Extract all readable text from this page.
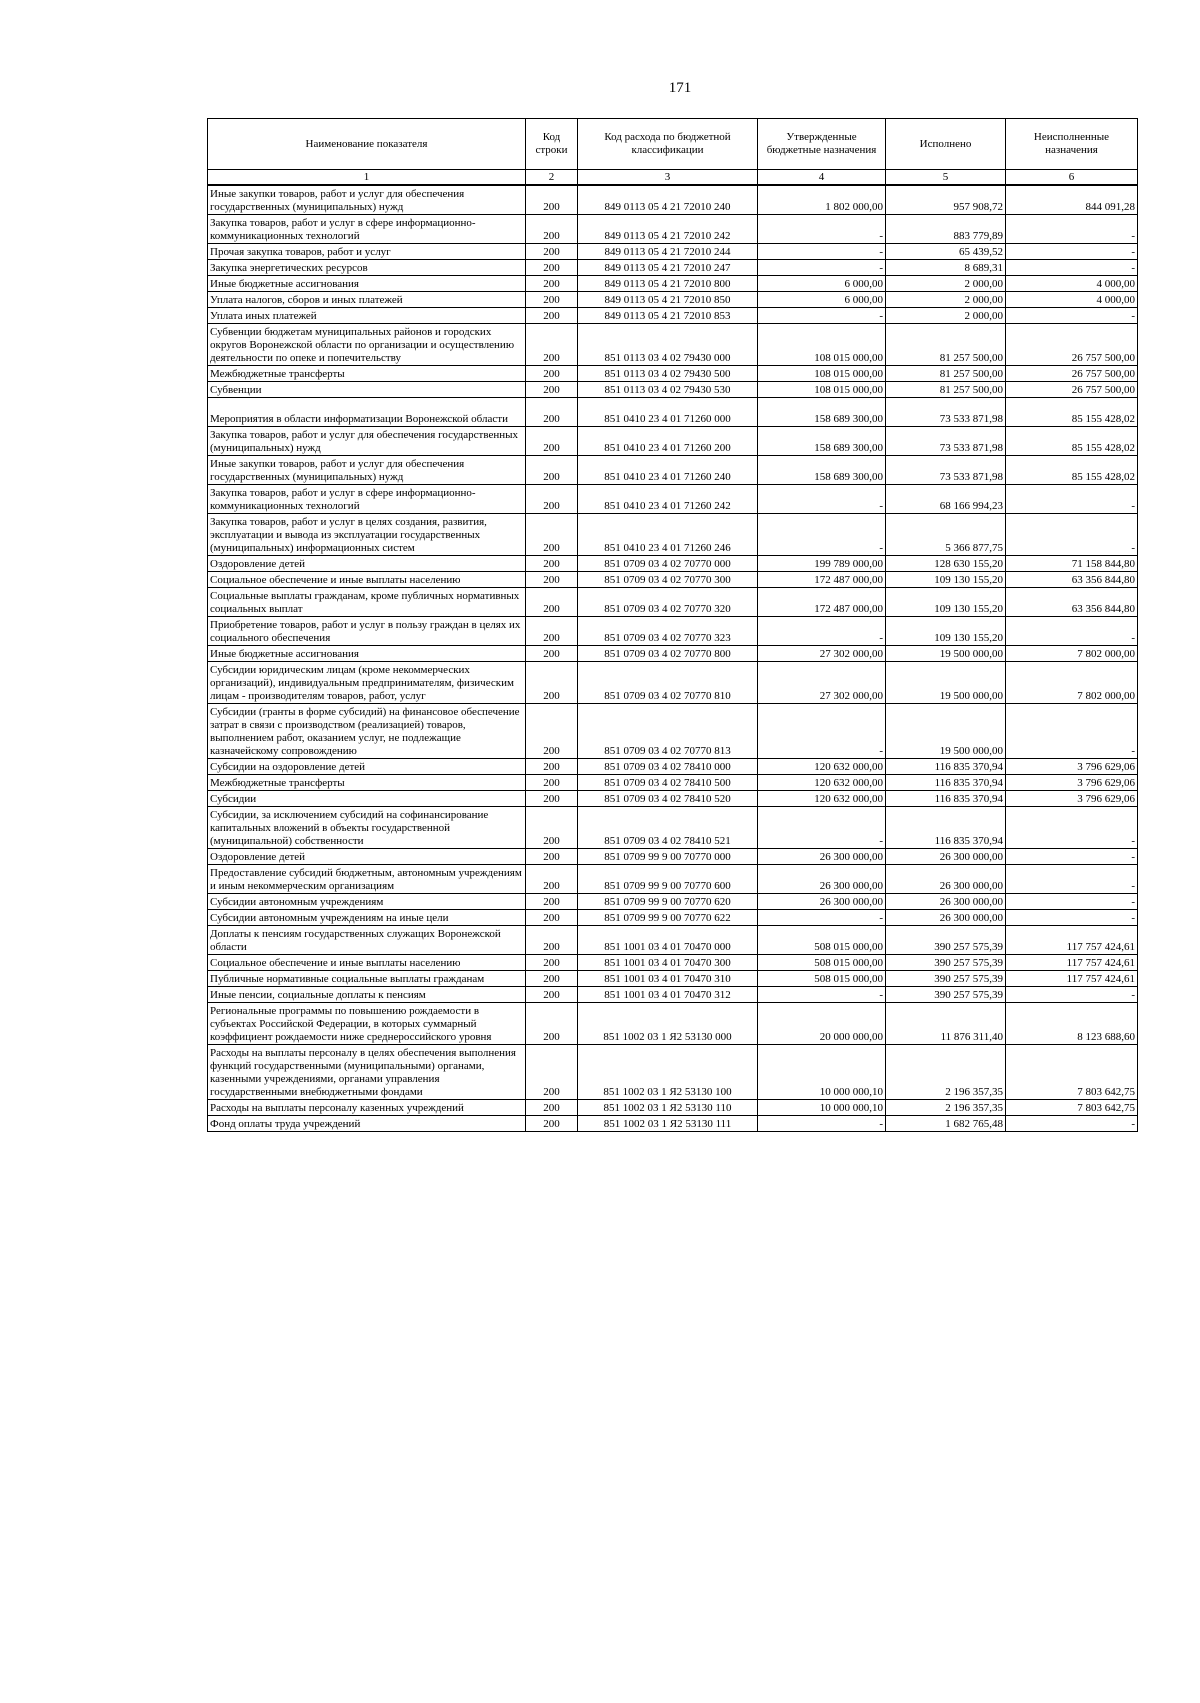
171
Наименование показателя	Код строки	Код расхода по бюджетной классификации	Утвержденные бюджетные назначения	Исполнено	Неисполненные назначения
1	2	3	4	5	6
Иные закупки товаров, работ и услуг для обеспечения государственных (муниципальных) нужд	200	849 0113 05 4 21 72010 240	1 802 000,00	957 908,72	844 091,28
Закупка товаров, работ и услуг в сфере информационно-коммуникационных технологий	200	849 0113 05 4 21 72010 242	-	883 779,89	-
Прочая закупка товаров, работ и услуг	200	849 0113 05 4 21 72010 244	-	65 439,52	-
Закупка энергетических ресурсов	200	849 0113 05 4 21 72010 247	-	8 689,31	-
Иные бюджетные ассигнования	200	849 0113 05 4 21 72010 800	6 000,00	2 000,00	4 000,00
Уплата налогов, сборов и иных платежей	200	849 0113 05 4 21 72010 850	6 000,00	2 000,00	4 000,00
Уплата иных платежей	200	849 0113 05 4 21 72010 853	-	2 000,00	-
Субвенции бюджетам муниципальных районов и городских округов Воронежской области по организации и осуществлению деятельности по опеке и попечительству	200	851 0113 03 4 02 79430 000	108 015 000,00	81 257 500,00	26 757 500,00
Межбюджетные трансферты	200	851 0113 03 4 02 79430 500	108 015 000,00	81 257 500,00	26 757 500,00
Субвенции	200	851 0113 03 4 02 79430 530	108 015 000,00	81 257 500,00	26 757 500,00
Мероприятия в области информатизации Воронежской области	200	851 0410 23 4 01 71260 000	158 689 300,00	73 533 871,98	85 155 428,02
Закупка товаров, работ и услуг для обеспечения государственных (муниципальных) нужд	200	851 0410 23 4 01 71260 200	158 689 300,00	73 533 871,98	85 155 428,02
Иные закупки товаров, работ и услуг для обеспечения государственных (муниципальных) нужд	200	851 0410 23 4 01 71260 240	158 689 300,00	73 533 871,98	85 155 428,02
Закупка товаров, работ и услуг в сфере информационно-коммуникационных технологий	200	851 0410 23 4 01 71260 242	-	68 166 994,23	-
Закупка товаров, работ и услуг в целях создания, развития, эксплуатации и вывода из эксплуатации государственных (муниципальных) информационных систем	200	851 0410 23 4 01 71260 246	-	5 366 877,75	-
Оздоровление детей	200	851 0709 03 4 02 70770 000	199 789 000,00	128 630 155,20	71 158 844,80
Социальное обеспечение и иные выплаты населению	200	851 0709 03 4 02 70770 300	172 487 000,00	109 130 155,20	63 356 844,80
Социальные выплаты гражданам, кроме публичных нормативных социальных выплат	200	851 0709 03 4 02 70770 320	172 487 000,00	109 130 155,20	63 356 844,80
Приобретение товаров, работ и услуг в пользу граждан в целях их социального обеспечения	200	851 0709 03 4 02 70770 323	-	109 130 155,20	-
Иные бюджетные ассигнования	200	851 0709 03 4 02 70770 800	27 302 000,00	19 500 000,00	7 802 000,00
Субсидии юридическим лицам (кроме некоммерческих организаций), индивидуальным предпринимателям, физическим лицам - производителям товаров, работ, услуг	200	851 0709 03 4 02 70770 810	27 302 000,00	19 500 000,00	7 802 000,00
Субсидии (гранты в форме субсидий) на финансовое обеспечение затрат в связи с производством (реализацией) товаров, выполнением работ, оказанием услуг, не подлежащие казначейскому сопровождению	200	851 0709 03 4 02 70770 813	-	19 500 000,00	-
Субсидии на оздоровление детей	200	851 0709 03 4 02 78410 000	120 632 000,00	116 835 370,94	3 796 629,06
Межбюджетные трансферты	200	851 0709 03 4 02 78410 500	120 632 000,00	116 835 370,94	3 796 629,06
Субсидии	200	851 0709 03 4 02 78410 520	120 632 000,00	116 835 370,94	3 796 629,06
Субсидии, за исключением субсидий на софинансирование капитальных вложений в объекты государственной (муниципальной) собственности	200	851 0709 03 4 02 78410 521	-	116 835 370,94	-
Оздоровление детей	200	851 0709 99 9 00 70770 000	26 300 000,00	26 300 000,00	-
Предоставление субсидий бюджетным, автономным учреждениям и иным некоммерческим организациям	200	851 0709 99 9 00 70770 600	26 300 000,00	26 300 000,00	-
Субсидии автономным учреждениям	200	851 0709 99 9 00 70770 620	26 300 000,00	26 300 000,00	-
Субсидии автономным учреждениям на иные цели	200	851 0709 99 9 00 70770 622	-	26 300 000,00	-
Доплаты к пенсиям государственных служащих Воронежской области	200	851 1001 03 4 01 70470 000	508 015 000,00	390 257 575,39	117 757 424,61
Социальное обеспечение и иные выплаты населению	200	851 1001 03 4 01 70470 300	508 015 000,00	390 257 575,39	117 757 424,61
Публичные нормативные социальные выплаты гражданам	200	851 1001 03 4 01 70470 310	508 015 000,00	390 257 575,39	117 757 424,61
Иные пенсии, социальные доплаты к пенсиям	200	851 1001 03 4 01 70470 312	-	390 257 575,39	-
Региональные программы по повышению рождаемости в субъектах Российской Федерации, в которых суммарный коэффициент рождаемости ниже среднероссийского уровня	200	851 1002 03 1 Я2 53130 000	20 000 000,00	11 876 311,40	8 123 688,60
Расходы на выплаты персоналу в целях обеспечения выполнения функций государственными (муниципальными) органами, казенными учреждениями, органами управления государственными внебюджетными фондами	200	851 1002 03 1 Я2 53130 100	10 000 000,10	2 196 357,35	7 803 642,75
Расходы на выплаты персоналу казенных учреждений	200	851 1002 03 1 Я2 53130 110	10 000 000,10	2 196 357,35	7 803 642,75
Фонд оплаты труда учреждений	200	851 1002 03 1 Я2 53130 111	-	1 682 765,48	-
